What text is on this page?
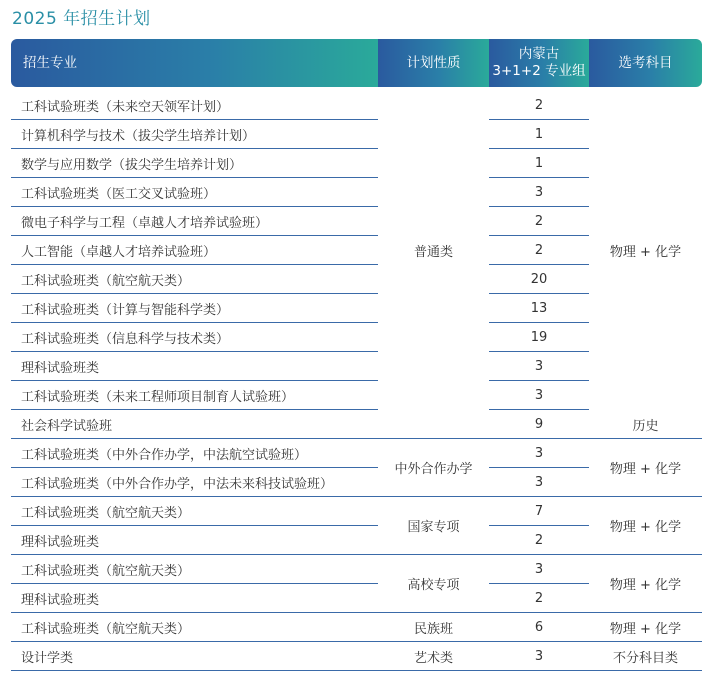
2025 年招生计划
招生专业	计划性质	内蒙古
3+1+2 专业组	选考科目

工科试验班类（未来空天领军计划）	普通类	2	物理 + 化学
计算机科学与技术（拔尖学生培养计划）		1	
数学与应用数学（拔尖学生培养计划）		1	
工科试验班类（医工交叉试验班）		3	
微电子科学与工程（卓越人才培养试验班）		2	
人工智能（卓越人才培养试验班）		2	
工科试验班类（航空航天类）		20	
工科试验班类（计算与智能科学类）		13	
工科试验班类（信息科学与技术类）		19	
理科试验班类		3	
工科试验班类（未来工程师项目制育人试验班）		3	
社会科学试验班		9	历史
工科试验班类（中外合作办学，中法航空试验班）	中外合作办学	3	物理 + 化学
工科试验班类（中外合作办学，中法未来科技试验班）		3	
工科试验班类（航空航天类）	国家专项	7	物理 + 化学
理科试验班类		2	
工科试验班类（航空航天类）	高校专项	3	物理 + 化学
理科试验班类		2	
工科试验班类（航空航天类）	民族班	6	物理 + 化学
设计学类	艺术类	3	不分科目类
